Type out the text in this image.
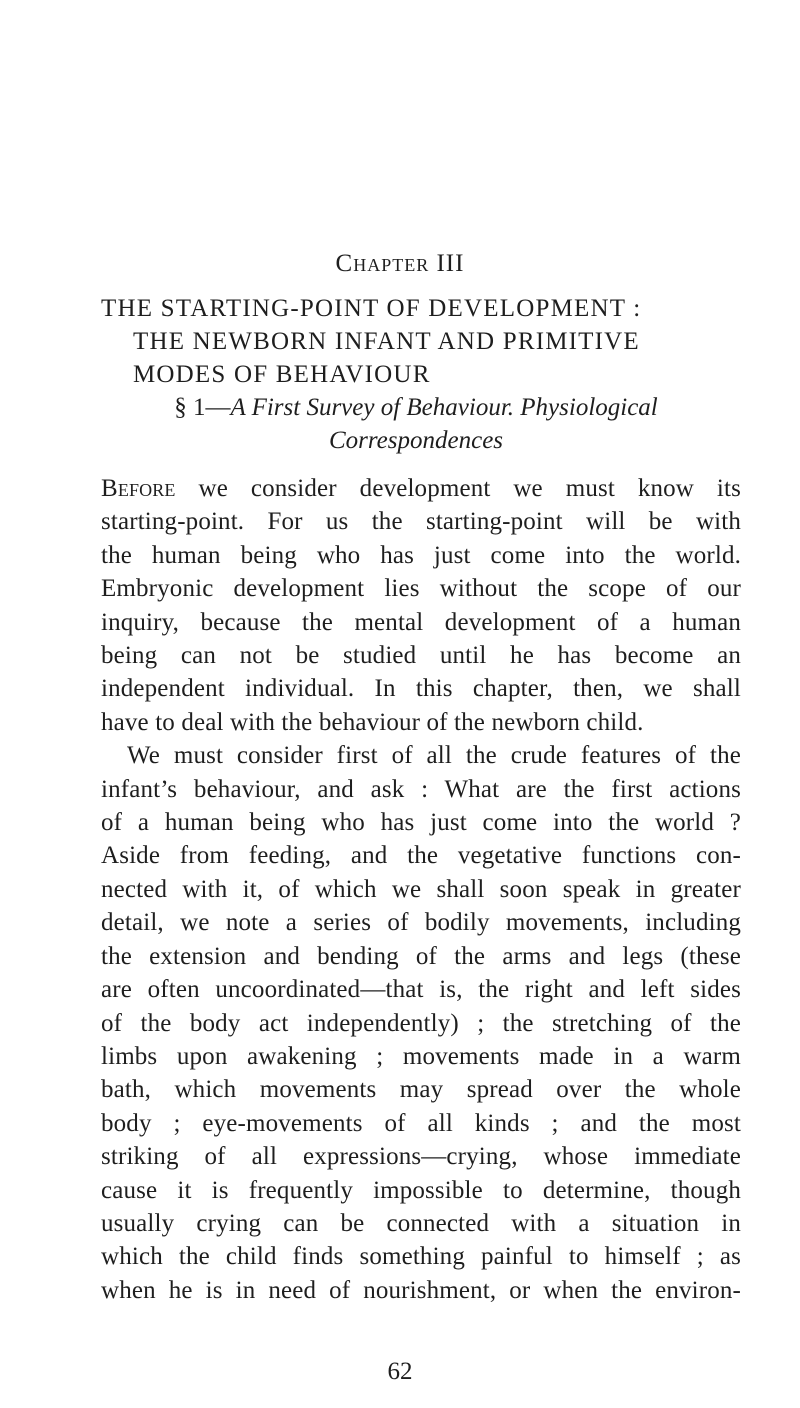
Chapter III
THE STARTING-POINT OF DEVELOPMENT :
THE NEWBORN INFANT AND PRIMITIVE
MODES OF BEHAVIOUR
§ 1—A First Survey of Behaviour. Physiological
Correspondences
Before we consider development we must know its
starting-point. For us the starting-point will be with
the human being who has just come into the world.
Embryonic development lies without the scope of our
inquiry, because the mental development of a human
being can not be studied until he has become an
independent individual. In this chapter, then, we shall
have to deal with the behaviour of the newborn child.
We must consider first of all the crude features of the
infant’s behaviour, and ask : What are the first actions
of a human being who has just come into the world ?
Aside from feeding, and the vegetative functions con-
nected with it, of which we shall soon speak in greater
detail, we note a series of bodily movements, including
the extension and bending of the arms and legs (these
are often uncoordinated—that is, the right and left sides
of the body act independently) ; the stretching of the
limbs upon awakening ; movements made in a warm
bath, which movements may spread over the whole
body ; eye-movements of all kinds ; and the most
striking of all expressions—crying, whose immediate
cause it is frequently impossible to determine, though
usually crying can be connected with a situation in
which the child finds something painful to himself ; as
when he is in need of nourishment, or when the environ-
62
